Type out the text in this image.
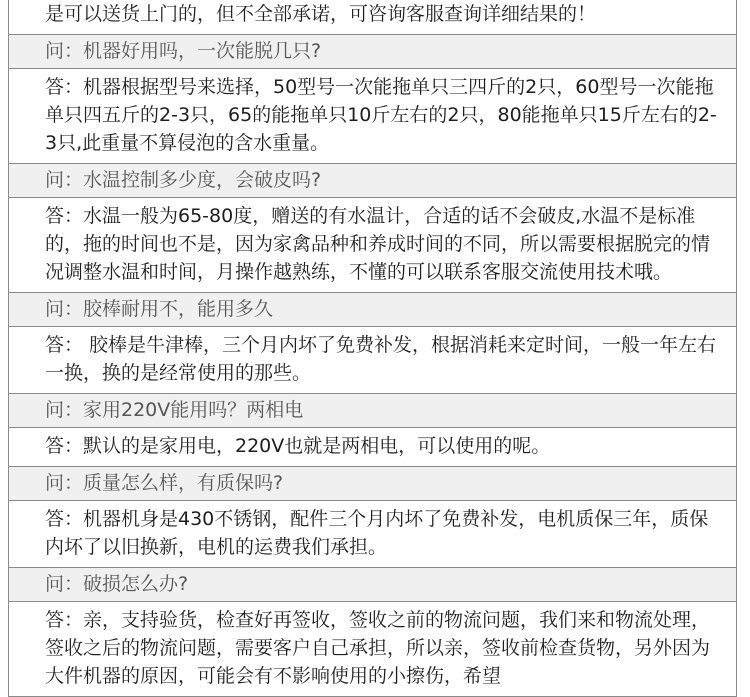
是可以送货上门的，但不全部承诺，可咨询客服查询详细结果的！
问：机器好用吗，一次能脱几只?
答：机器根据型号来选择，50型号一次能拖单只三四斤的2只，60型号一次能拖单只四五斤的2-3只，65的能拖单只10斤左右的2只，80能拖单只15斤左右的2-3只,此重量不算侵泡的含水重量。
问：水温控制多少度，会破皮吗?
答：水温一般为65-80度，赠送的有水温计，合适的话不会破皮,水温不是标准的，拖的时间也不是，因为家禽品种和养成时间的不同，所以需要根据脱完的情况调整水温和时间，月操作越熟练，不懂的可以联系客服交流使用技术哦。
问：胶棒耐用不，能用多久
答： 胶棒是牛津棒，三个月内坏了免费补发，根据消耗来定时间，一般一年左右一换，换的是经常使用的那些。
问：家用220V能用吗？两相电
答：默认的是家用电，220V也就是两相电，可以使用的呢。
问：质量怎么样，有质保吗?
答：机器机身是430不锈钢，配件三个月内坏了免费补发，电机质保三年，质保内坏了以旧换新，电机的运费我们承担。
问：破损怎么办?
答：亲，支持验货，检查好再签收，签收之前的物流问题，我们来和物流处理，签收之后的物流问题，需要客户自己承担，所以亲，签收前检查货物，另外因为大件机器的原因，可能会有不影响使用的小擦伤，希望
